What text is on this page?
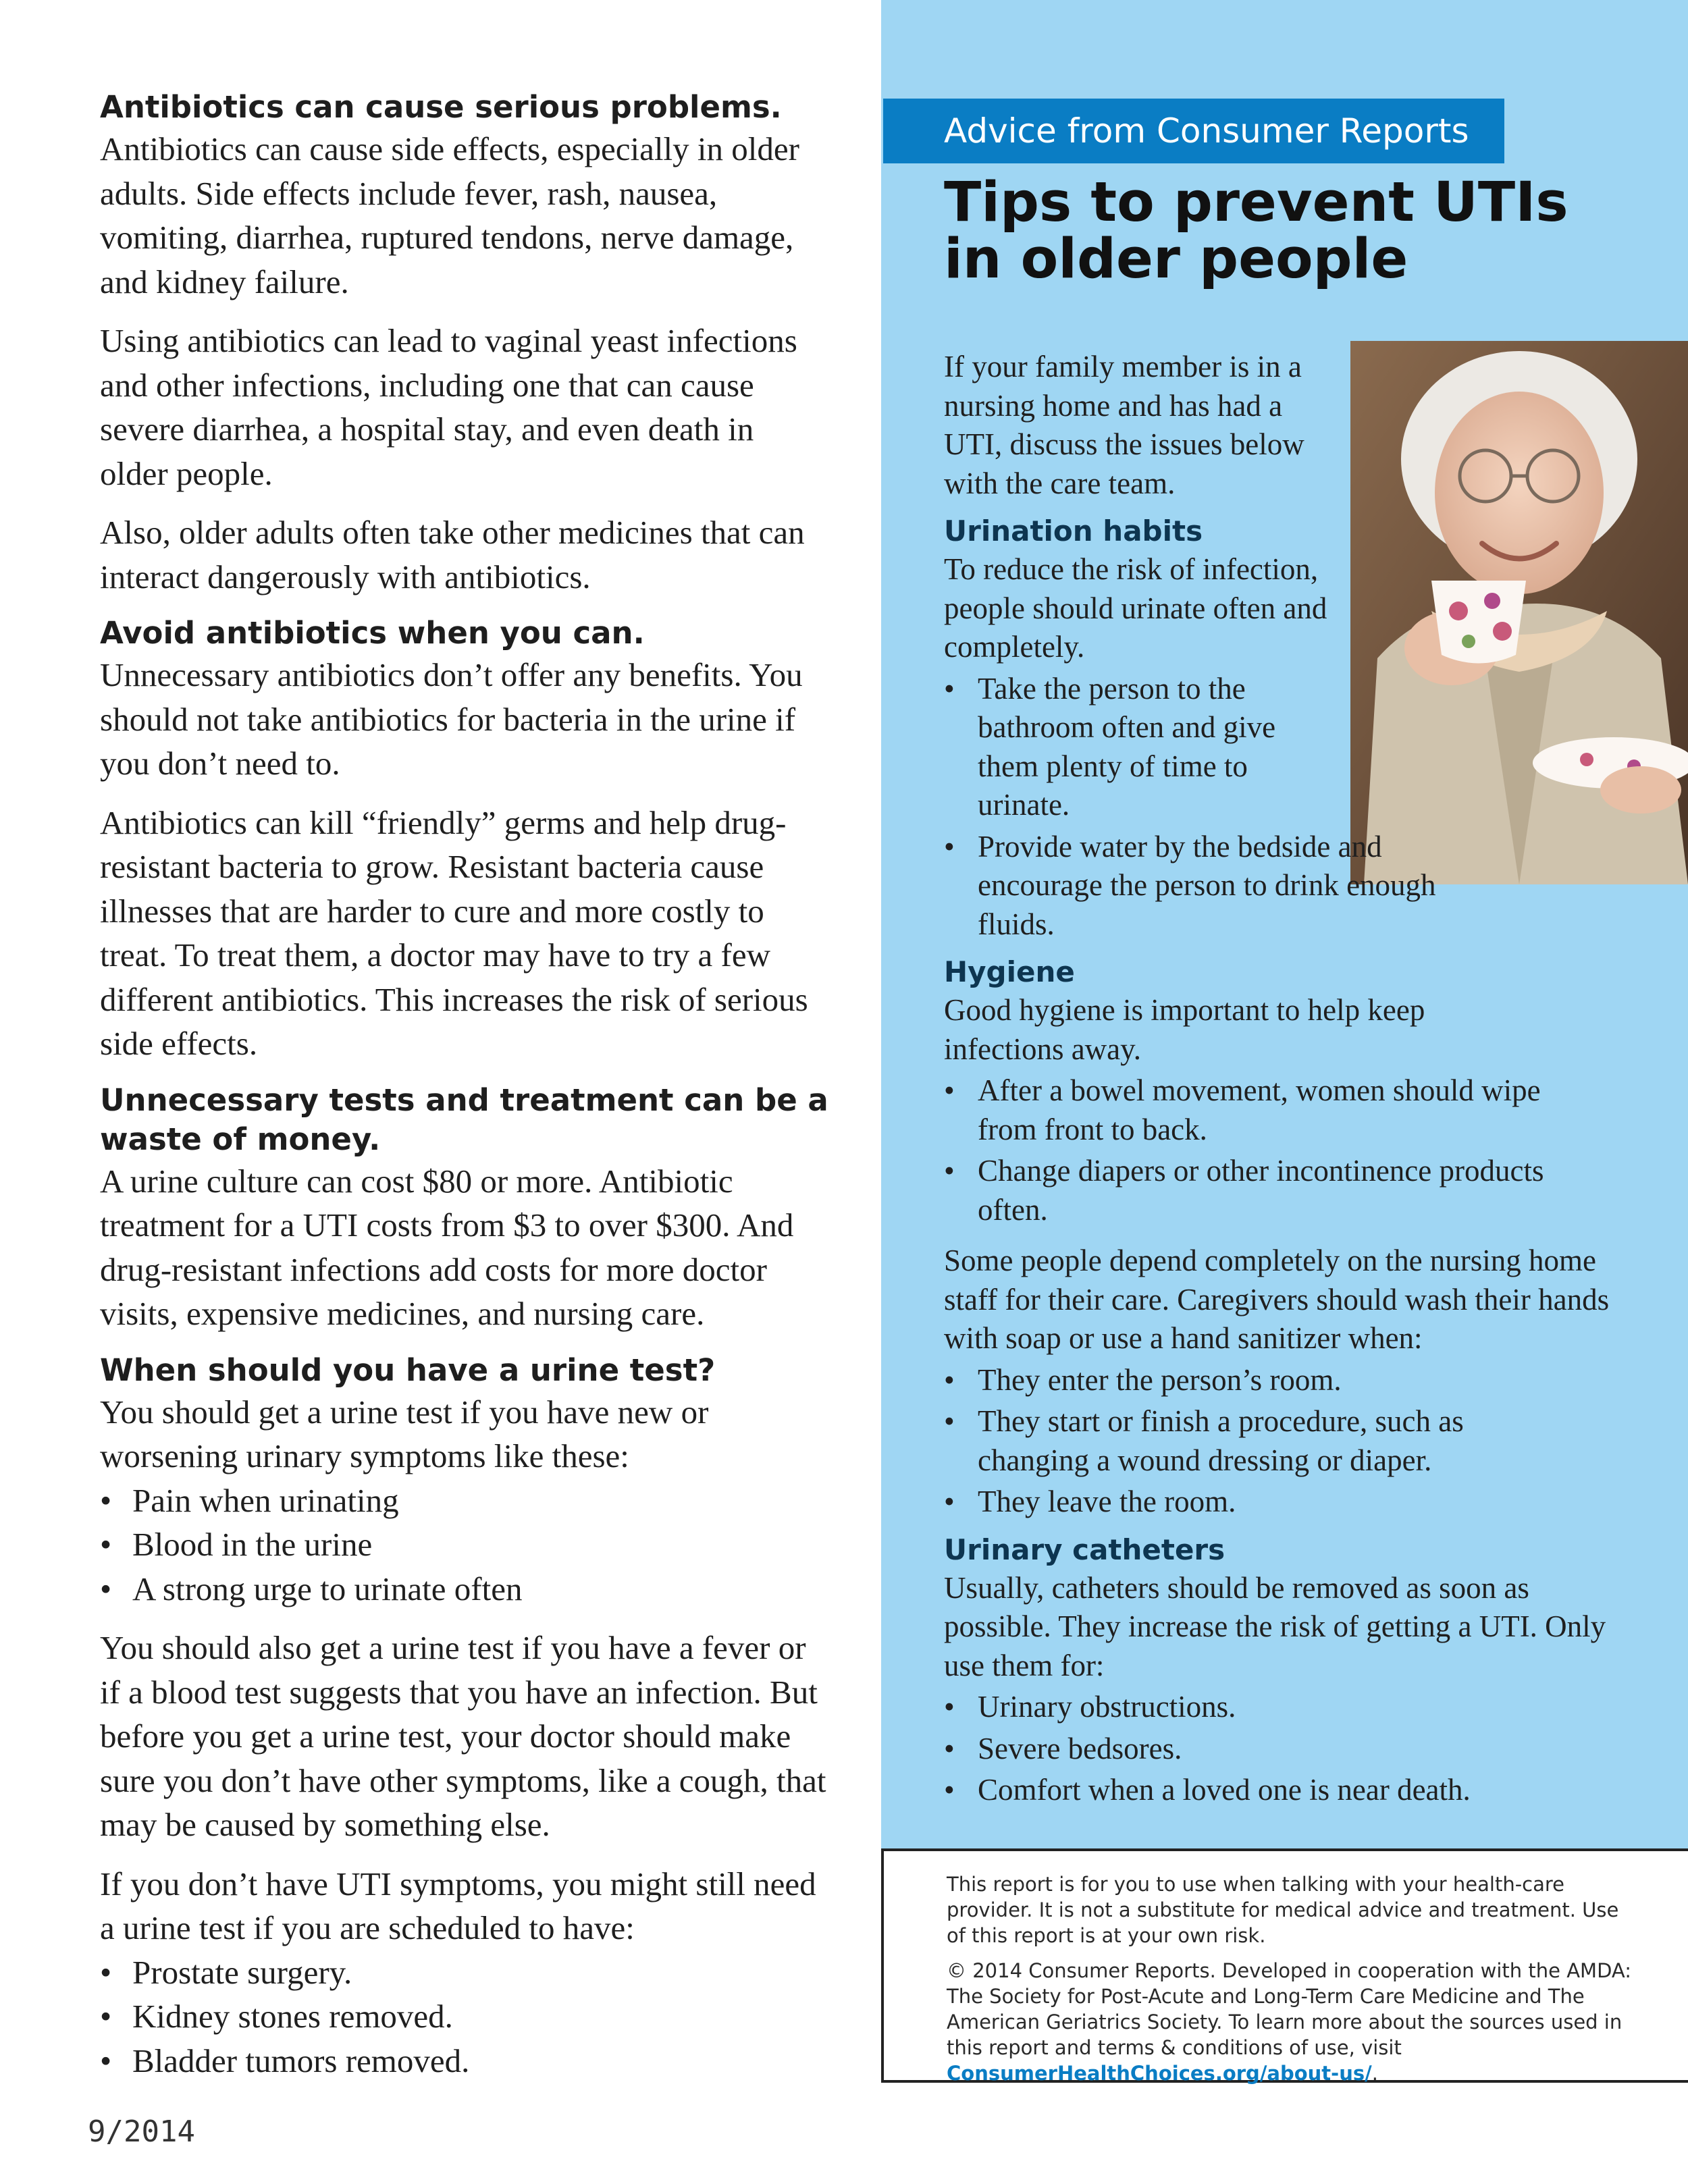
Antibiotics can cause serious problems.

Antibiotics can cause side effects, especially in older adults. Side effects include fever, rash, nausea, vomiting, diarrhea, ruptured tendons, nerve damage, and kidney failure.

Using antibiotics can lead to vaginal yeast infections and other infections, including one that can cause severe diarrhea, a hospital stay, and even death in older people.

Also, older adults often take other medicines that can interact dangerously with antibiotics.

Avoid antibiotics when you can.

Unnecessary antibiotics don’t offer any benefits. You should not take antibiotics for bacteria in the urine if you don’t need to.

Antibiotics can kill “friendly” germs and help drug-resistant bacteria to grow. Resistant bacteria cause illnesses that are harder to cure and more costly to treat. To treat them, a doctor may have to try a few different antibiotics. This increases the risk of serious side effects.

Unnecessary tests and treatment can be a waste of money.

A urine culture can cost $80 or more. Antibiotic treatment for a UTI costs from $3 to over $300. And drug-resistant infections add costs for more doctor visits, expensive medicines, and nursing care.

When should you have a urine test?

You should get a urine test if you have new or worsening urinary symptoms like these:

• Pain when urinating
• Blood in the urine
• A strong urge to urinate often

You should also get a urine test if you have a fever or if a blood test suggests that you have an infection. But before you get a urine test, your doctor should make sure you don’t have other symptoms, like a cough, that may be caused by something else.

If you don’t have UTI symptoms, you might still need a urine test if you are scheduled to have:

• Prostate surgery.
• Kidney stones removed.
• Bladder tumors removed.
Advice from Consumer Reports
Tips to prevent UTIs in older people

If your family member is in a nursing home and has had a UTI, discuss the issues below with the care team.

Urination habits

To reduce the risk of infection, people should urinate often and completely.

• Take the person to the bathroom often and give them plenty of time to urinate.
• Provide water by the bedside and encourage the person to drink enough fluids.

Hygiene

Good hygiene is important to help keep infections away.

• After a bowel movement, women should wipe from front to back.
• Change diapers or other incontinence products often.

Some people depend completely on the nursing home staff for their care. Caregivers should wash their hands with soap or use a hand sanitizer when:

• They enter the person’s room.
• They start or finish a procedure, such as changing a wound dressing or diaper.
• They leave the room.

Urinary catheters

Usually, catheters should be removed as soon as possible. They increase the risk of getting a UTI. Only use them for:

• Urinary obstructions.
• Severe bedsores.
• Comfort when a loved one is near death.

This report is for you to use when talking with your health-care provider. It is not a substitute for medical advice and treatment. Use of this report is at your own risk.

© 2014 Consumer Reports. Developed in cooperation with the AMDA: The Society for Post-Acute and Long-Term Care Medicine and The American Geriatrics Society. To learn more about the sources used in this report and terms & conditions of use, visit ConsumerHealthChoices.org/about-us/.

9/2014
